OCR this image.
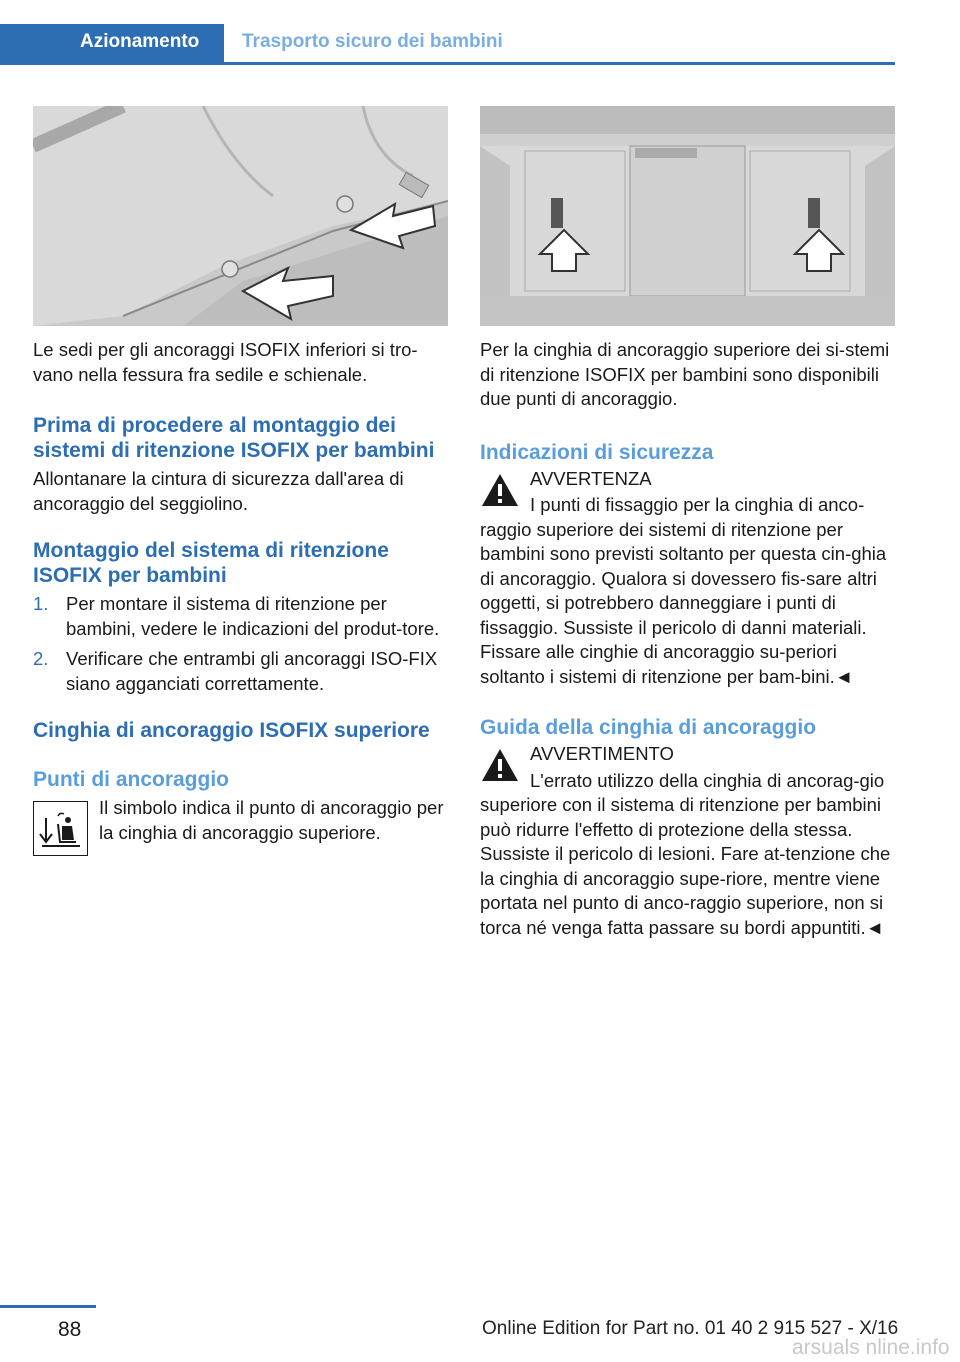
Azionamento	Trasporto sicuro dei bambini

Le sedi per gli ancoraggi ISOFIX inferiori si tro-vano nella fessura fra sedile e schienale.

Prima di procedere al montaggio dei sistemi di ritenzione ISOFIX per bambini

Allontanare la cintura di sicurezza dall'area di ancoraggio del seggiolino.

Montaggio del sistema di ritenzione ISOFIX per bambini
1. Per montare il sistema di ritenzione per bambini, vedere le indicazioni del produt-tore.
2. Verificare che entrambi gli ancoraggi ISO-FIX siano agganciati correttamente.
Cinghia di ancoraggio ISOFIX superiore
Punti di ancoraggio

Il simbolo indica il punto di ancoraggio per la cinghia di ancoraggio superiore.

Per la cinghia di ancoraggio superiore dei si-stemi di ritenzione ISOFIX per bambini sono disponibili due punti di ancoraggio.

Indicazioni di sicurezza

AVVERTENZA

I punti di fissaggio per la cinghia di anco-raggio superiore dei sistemi di ritenzione per bambini sono previsti soltanto per questa cin-ghia di ancoraggio. Qualora si dovessero fis-sare altri oggetti, si potrebbero danneggiare i punti di fissaggio. Sussiste il pericolo di danni materiali. Fissare alle cinghie di ancoraggio su-periori soltanto i sistemi di ritenzione per bam-bini.◄

Guida della cinghia di ancoraggio

AVVERTIMENTO

L'errato utilizzo della cinghia di ancorag-gio superiore con il sistema di ritenzione per bambini può ridurre l'effetto di protezione della stessa. Sussiste il pericolo di lesioni. Fare at-tenzione che la cinghia di ancoraggio supe-riore, mentre viene portata nel punto di anco-raggio superiore, non si torca né venga fatta passare su bordi appuntiti.◄

88	Online Edition for Part no. 01 40 2 915 527 - X/16
arsuals nline.info
